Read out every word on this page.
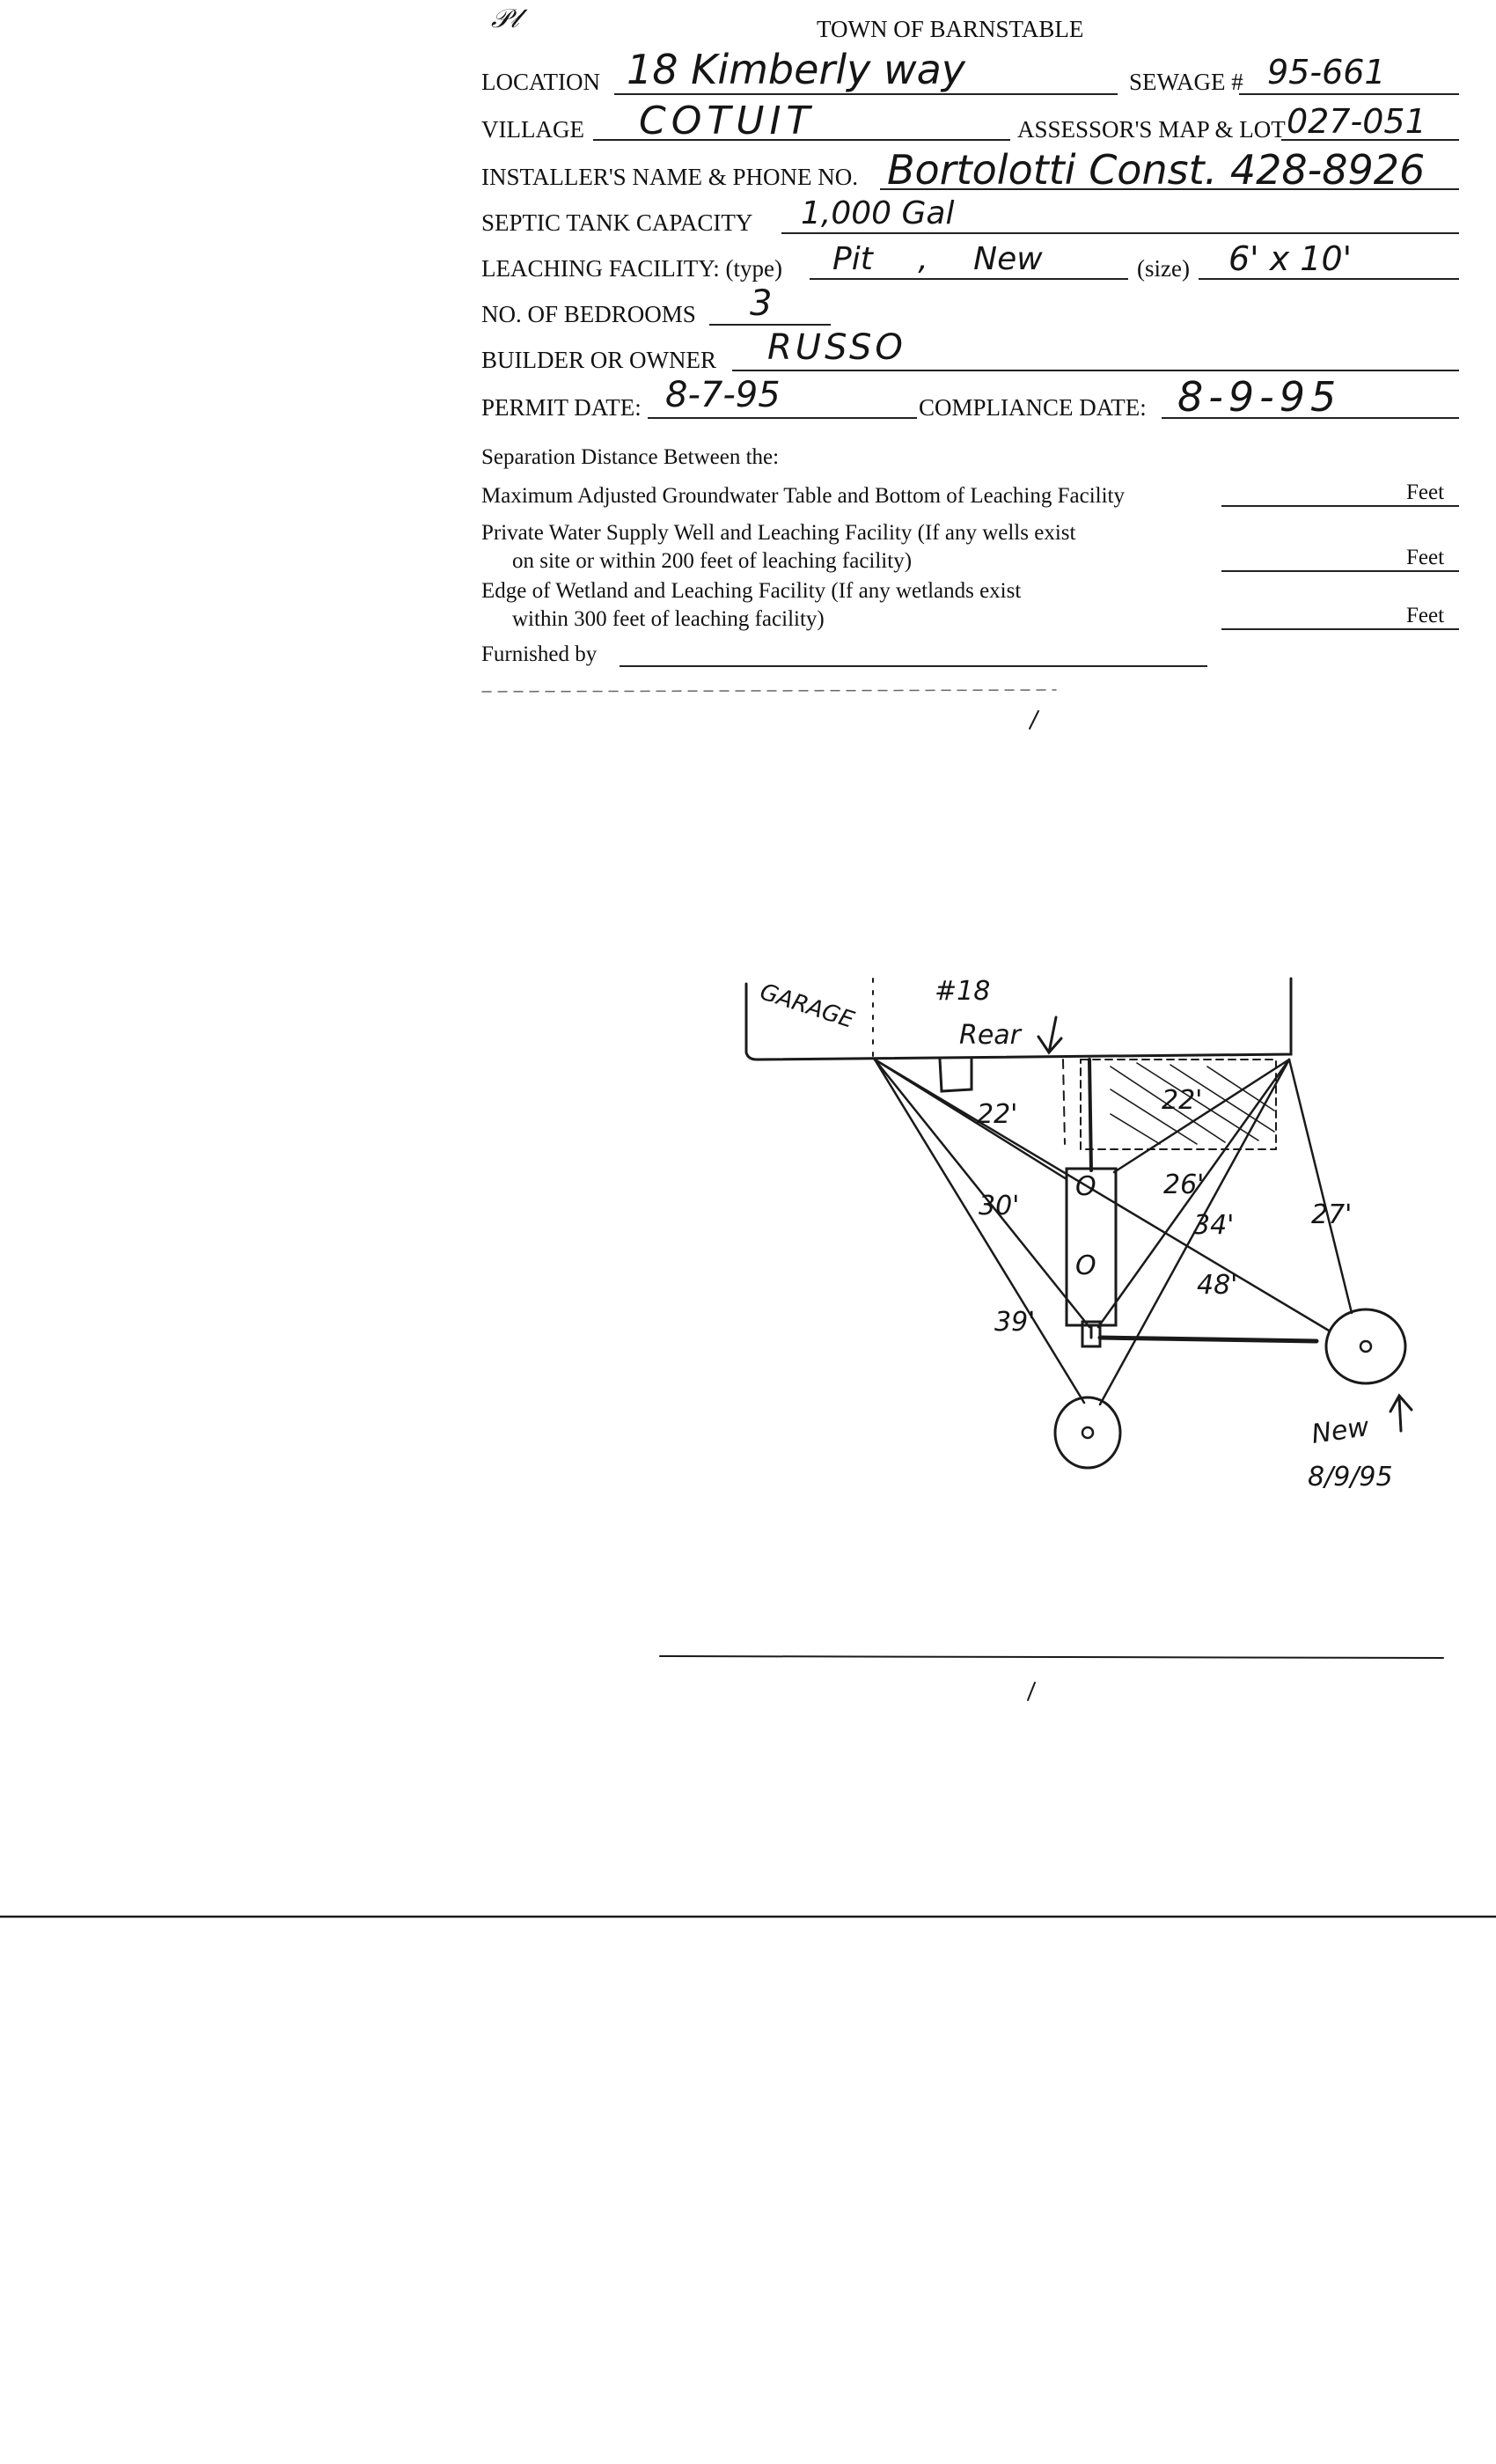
𝒫𝓁	TOWN OF BARNSTABLE
LOCATION 18 Kimberly way	SEWAGE # 95-661
VILLAGE COTUIT	ASSESSOR'S MAP & LOT 027-051
INSTALLER'S NAME & PHONE NO. Bortolotti Const. 428-8926
SEPTIC TANK CAPACITY 1,000 Gal
LEACHING FACILITY: (type) Pit , New	(size) 6' x 10'
NO. OF BEDROOMS 3
BUILDER OR OWNER RUSSO
PERMIT DATE: 8-7-95	COMPLIANCE DATE: 8-9-95
Separation Distance Between the:
Maximum Adjusted Groundwater Table and Bottom of Leaching Facility	Feet
Private Water Supply Well and Leaching Facility (If any wells exist
on site or within 200 feet of leaching facility)	Feet
Edge of Wetland and Leaching Facility (If any wetlands exist
within 300 feet of leaching facility)	Feet
Furnished by
GARAGE	#18
Rear
22'	22'
30'
26'
34'	27'
48'
39'
O
O
New
8/9/95
